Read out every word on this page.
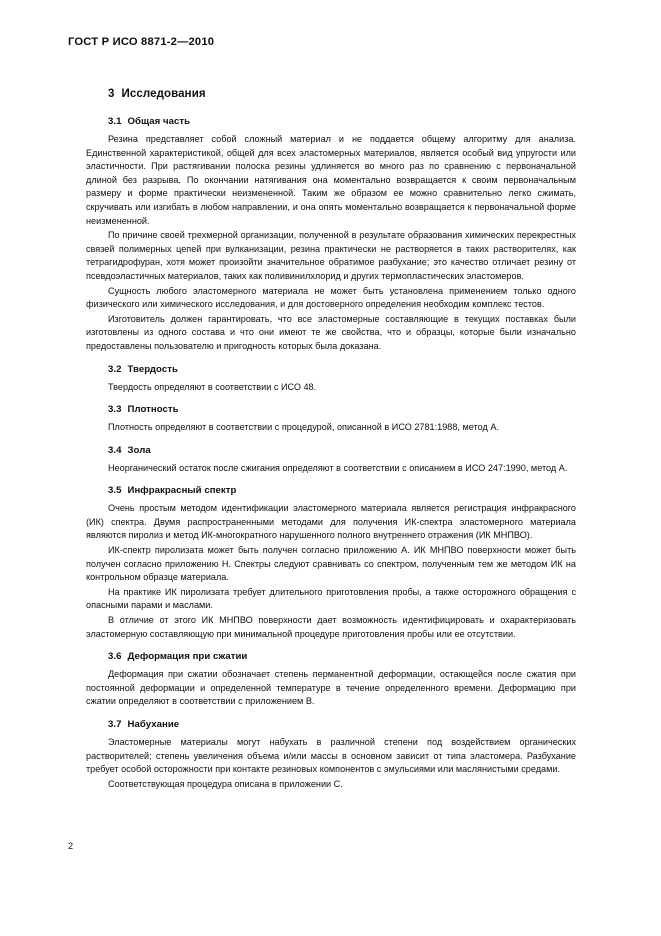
ГОСТ Р ИСО 8871-2—2010
3 Исследования
3.1 Общая часть

Резина представляет собой сложный материал и не поддается общему алгоритму для анализа. Единственной характеристикой, общей для всех эластомерных материалов, является особый вид упругости или эластичности. При растягивании полоска резины удлиняется во много раз по сравнению с первоначальной длиной без разрыва. По окончании натягивания она моментально возвращается к своим первоначальным размеру и форме практически неизмененной. Таким же образом ее можно сравнительно легко сжимать, скручивать или изгибать в любом направлении, и она опять моментально возвращается к первоначальной форме неизмененной.

По причине своей трехмерной организации, полученной в результате образования химических перекрестных связей полимерных цепей при вулканизации, резина практически не растворяется в таких растворителях, как тетрагидрофуран, хотя может произойти значительное обратимое разбухание; это качество отличает резину от псевдоэластичных материалов, таких как поливинилхлорид и других термопластических эластомеров.

Сущность любого эластомерного материала не может быть установлена применением только одного физического или химического исследования, и для достоверного определения необходим комплекс тестов.

Изготовитель должен гарантировать, что все эластомерные составляющие в текущих поставках были изготовлены из одного состава и что они имеют те же свойства, что и образцы, которые были изначально предоставлены пользователю и пригодность которых была доказана.

3.2 Твердость

Твердость определяют в соответствии с ИСО 48.

3.3 Плотность

Плотность определяют в соответствии с процедурой, описанной в ИСО 2781:1988, метод А.

3.4 Зола

Неорганический остаток после сжигания определяют в соответствии с описанием в ИСО 247:1990, метод А.

3.5 Инфракрасный спектр

Очень простым методом идентификации эластомерного материала является регистрация инфракрасного (ИК) спектра. Двумя распространенными методами для получения ИК-спектра эластомерного материала являются пиролиз и метод ИК-многократного нарушенного полного внутреннего отражения (ИК МНПВО).

ИК-спектр пиролизата может быть получен согласно приложению А. ИК МНПВО поверхности может быть получен согласно приложению Н. Спектры следуют сравнивать со спектром, полученным тем же методом ИК на контрольном образце материала.

На практике ИК пиролизата требует длительного приготовления пробы, а также осторожного обращения с опасными парами и маслами.

В отличие от этого ИК МНПВО поверхности дает возможность идентифицировать и охарактеризовать эластомерную составляющую при минимальной процедуре приготовления пробы или ее отсутствии.

3.6 Деформация при сжатии

Деформация при сжатии обозначает степень перманентной деформации, остающейся после сжатия при постоянной деформации и определенной температуре в течение определенного времени. Деформацию при сжатии определяют в соответствии с приложением В.

3.7 Набухание

Эластомерные материалы могут набухать в различной степени под воздействием органических растворителей; степень увеличения объема и/или массы в основном зависит от типа эластомера. Разбухание требует особой осторожности при контакте резиновых компонентов с эмульсиями или маслянистыми средами.

Соответствующая процедура описана в приложении С.

2
